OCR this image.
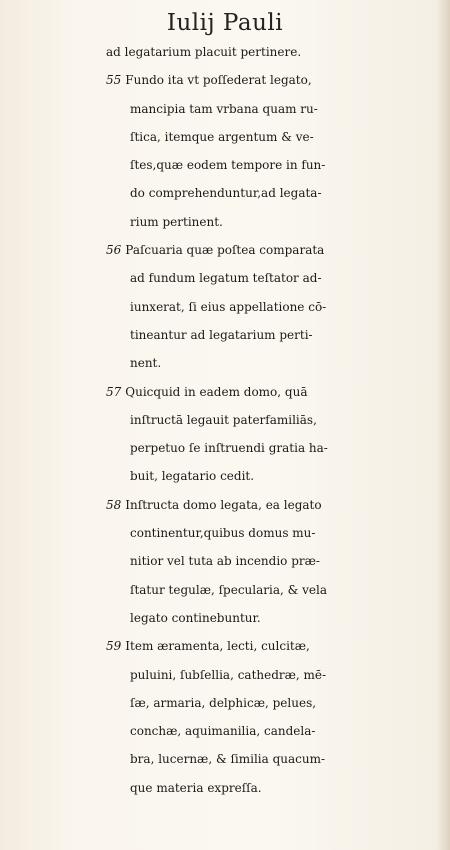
Iulij Pauli
ad legatarium placuit pertinere.
55 Fundo ita vt poſſederat legato,
mancipia tam vrbana quam ru-
ſtica, itemque argentum & ve-
ſtes,quæ eodem tempore in fun-
do comprehenduntur,ad legata-
rium pertinent.
56 Paſcuaria quæ poſtea comparata
ad fundum legatum teſtator ad-
iunxerat, ſi eius appellatione cō-
tineantur ad legatarium perti-
nent.
57 Quicquid in eadem domo, quā
inſtructā legauit paterfamiliās,
perpetuo ſe inſtruendi gratia ha-
buit, legatario cedit.
58 Inſtructa domo legata, ea legato
continentur,quibus domus mu-
nitior vel tuta ab incendio præ-
ſtatur tegulæ, ſpecularia, & vela
legato continebuntur.
59 Item æramenta, lecti, culcitæ,
puluini, ſubſellia, cathedræ, mē-
ſæ, armaria, delphicæ, pelues,
conchæ, aquimanilia, candela-
bra, lucernæ, & ſimilia quacum-
que materia expreſſa.
